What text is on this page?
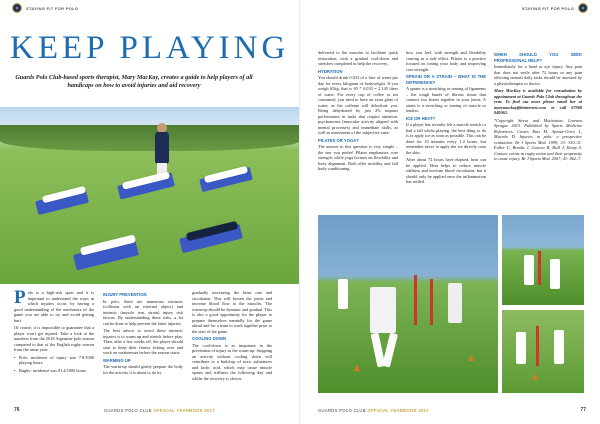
STAYING FIT FOR POLO
KEEP PLAYING

Guards Polo Club-based sports therapist, Mary MacKay, creates a guide to help players of all handicaps on how to avoid injuries and aid recovery

Polo is a high-risk sport and it is important to understand the ways in which injuries occur, by having a good understanding of the mechanics of the game you are able to try and avoid getting hurt.

Of course, it is impossible to guarantee that a player won't get injured. Take a look at the numbers from the 2018 Argentine polo season compared to that of the English rugby season from the same year:

• Polo: incidence of injury was 7.8/1000 playing hours

• Rugby: incidence was 81.4/1000 hours

INJURY PREVENTION

In polo, there are numerous extrinsic (collision with an external object) and intrinsic (muscle tear, strain) injury risk factors. By understanding these risks, a lot can be done to help prevent the latter injuries.

The best advice to avoid these intrinsic injuries is to warm up and stretch before play. Then, after a few weeks off, the player should start to keep their fitness ticking over and work on weaknesses before the season starts.

WARMING UP

The warm-up should gently prepare the body for the activity it is about to do by

gradually increasing the heart rate and circulation. This will loosen the joints and increase blood flow to the muscles. The warm-up should be dynamic and gradual. This is also a good opportunity for the player to prepare themselves mentally for the game ahead and for a team to work together prior to the start of the game.

COOLING DOWN

The cool-down is as important in the prevention of injury as the warm-up. Stopping an activity without cooling down will contribute to a build-up of toxic substances and lactic acid, which may cause muscle spasm and stiffness the following day and whilst the recovery is slower.

76	GUARDS POLO CLUB OFFICIAL YEARBOOK 2017
STAYING FIT FOR POLO

delivered to the muscles to facilitate quick restoration, with a gradual cool-down and stretches completed to help the recovery.

HYDRATION

You should drink 0.033 of a litre of water per day for every kilogram of bodyweight. If you weigh 65kg, that is 65 * 0.033 = 2.145 litres of water. For every cup of coffee or tea consumed, you need to have an extra glass of water, as the caffeine will dehydrate you. Being dehydrated by just 2% impairs performance in tasks that require attention, psychomotor (muscular activity aligned with mental processes) and immediate skills, as well as assessment of the subjective state.

PILATES OR YOGA?

The answer to this question is very simple – the one you prefer! Pilates emphasises core strength, while yoga focuses on flexibility and body alignment. Both offer mobility and full body conditioning.

how you feel, with strength and flexibility coming as a side effect. Pilates is a practice focused on toning your body and improving core strength.

SPRAIN OR A STRAIN – WHAT IS THE DIFFERENCE?

A sprain is a stretching or tearing of ligaments – the tough bands of fibrous tissue that connect two bones together in your joints. A strain is a stretching or tearing of muscle or tendon.

ICE OR HEAT?

If a player has recently felt a muscle stretch or had a fall whilst playing, the best thing to do is to apply ice as soon as possible. This can be done for 10 minutes every 1-2 hours, but remember never to apply the ice directly onto the skin.

After about 72 hours have elapsed, heat can be applied. Heat helps to reduce muscle stiffness and increase blood circulation, but it should only be applied once the inflammation has settled.

WHEN SHOULD YOU SEEK PROFESSIONAL HELP?

Immediately for a head or eye injury. Any pain that does not settle after 72 hours or any pain affecting normal daily tasks should be assessed by a physiotherapist or doctor.

Mary MacKay is available for consultation by appointment at Guards Polo Club throughout the year. To find out more please email her at marymackay@btinternet.com or call 07968 040063.

*Copyright Stress and Motivation, Lorenzo Sprague 2015. Published by Sports Medicine References. Castro Ruiz M, Aponte-Grice L, Macedo D. Injuries in polo: a prospective evaluation. Br J Sports Med. 1999; 33: 330–31. Fuller C, Brooks J, Cancea R, Hall J, Kemp S. Contact events in rugby union and their propensity to cause injury. Br J Sports Med. 2007; 41: 862–7.

GUARDS POLO CLUB OFFICIAL YEARBOOK 2017	77
